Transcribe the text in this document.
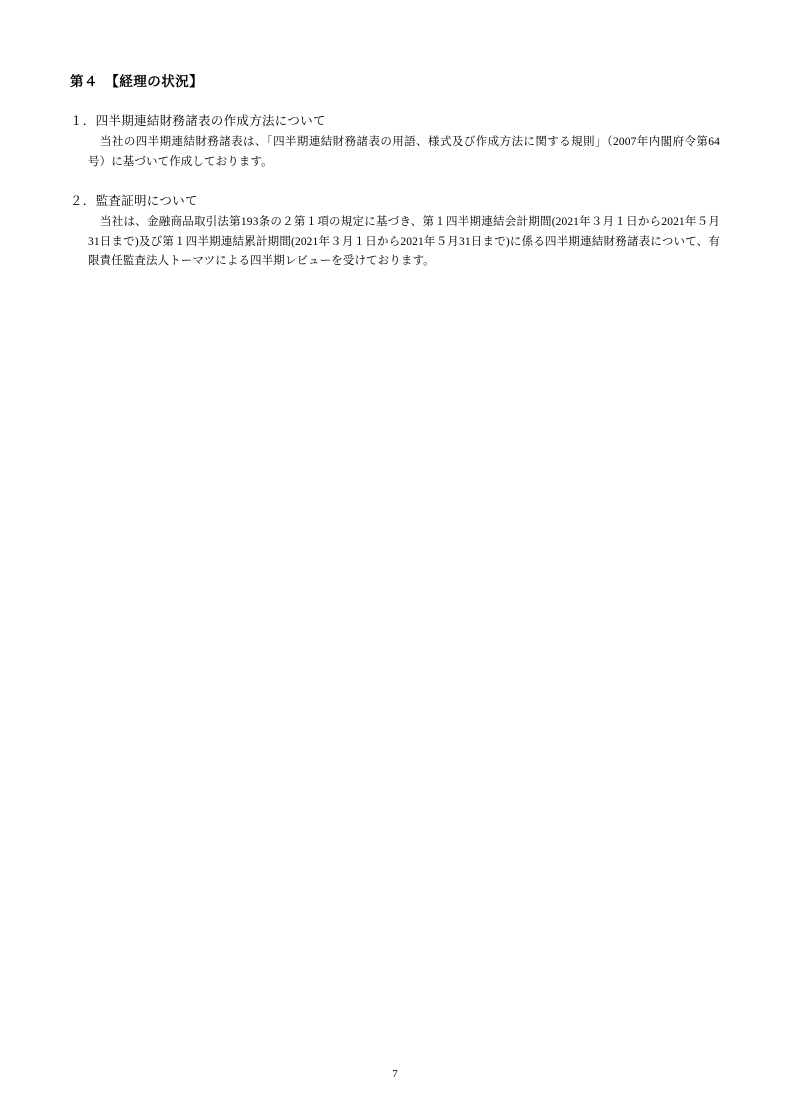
第４　【経理の状況】
１．四半期連結財務諸表の作成方法について
当社の四半期連結財務諸表は、「四半期連結財務諸表の用語、様式及び作成方法に関する規則」（2007年内閣府令第64号）に基づいて作成しております。
２．監査証明について
当社は、金融商品取引法第193条の２第１項の規定に基づき、第１四半期連結会計期間(2021年３月１日から2021年５月31日まで)及び第１四半期連結累計期間(2021年３月１日から2021年５月31日まで)に係る四半期連結財務諸表について、有限責任監査法人トーマツによる四半期レビューを受けております。
7
